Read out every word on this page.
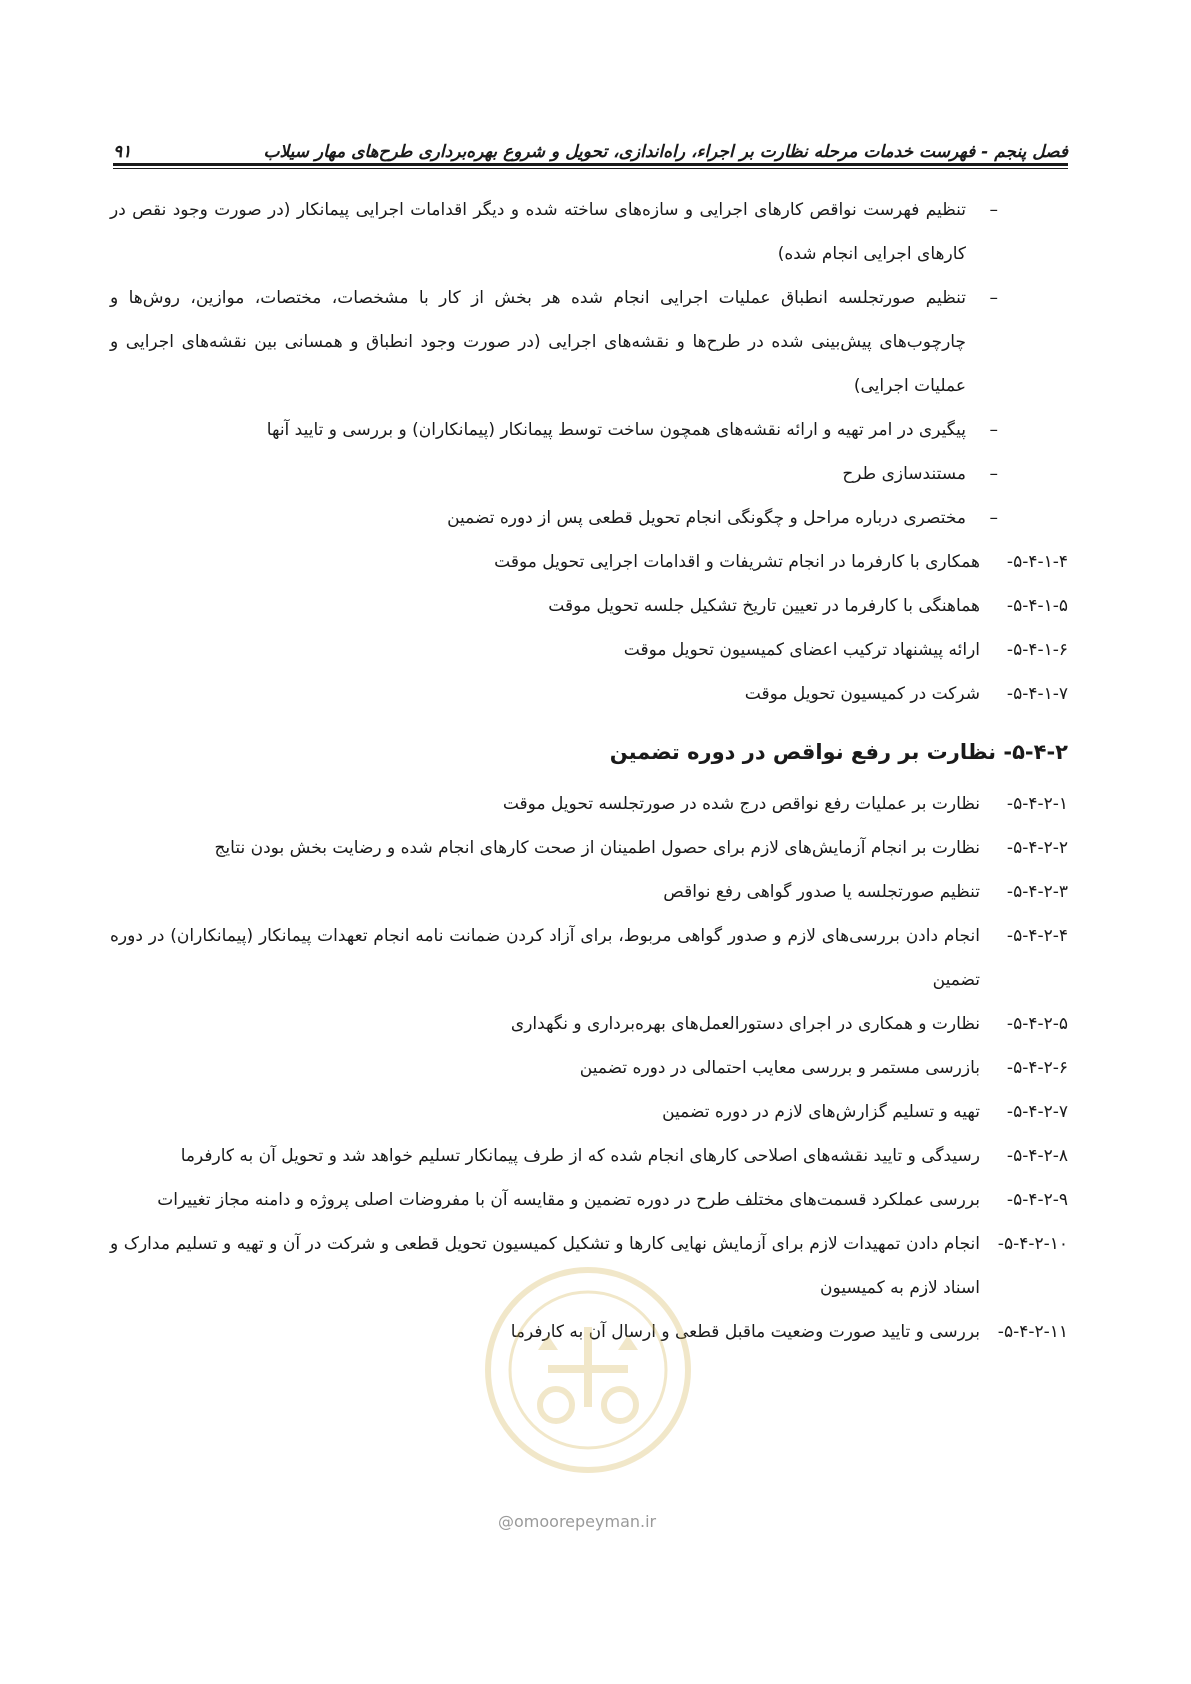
فصل پنجم - فهرست خدمات مرحله نظارت بر اجراء، راه‌اندازی، تحویل و شروع بهره‌برداری طرح‌های مهار سیلاب
۹۱
–
تنظیم فهرست نواقص کارهای اجرایی و سازه‌های ساخته شده و دیگر اقدامات اجرایی پیمانکار (در صورت وجود نقص در کارهای اجرایی انجام شده)
–
تنظیم صورتجلسه انطباق عملیات اجرایی انجام شده هر بخش از کار با مشخصات، مختصات، موازین، روش‌ها و چارچوب‌های پیش‌بینی شده در طرح‌ها و نقشه‌های اجرایی (در صورت وجود انطباق و همسانی بین نقشه‌های اجرایی و عملیات اجرایی)
–
پیگیری در امر تهیه و ارائه نقشه‌های همچون ساخت توسط پیمانکار (پیمانکاران) و بررسی و تایید آنها
–
مستندسازی طرح
–
مختصری درباره مراحل و چگونگی انجام تحویل قطعی پس از دوره تضمین
۵-۴-۱-۴-
همکاری با کارفرما در انجام تشریفات و اقدامات اجرایی تحویل موقت
۵-۴-۱-۵-
هماهنگی با کارفرما در تعیین تاریخ تشکیل جلسه تحویل موقت
۵-۴-۱-۶-
ارائه پیشنهاد ترکیب اعضای کمیسیون تحویل موقت
۵-۴-۱-۷-
شرکت در کمیسیون تحویل موقت
۵-۴-۲- نظارت بر رفع نواقص در دوره تضمین
۵-۴-۲-۱-
نظارت بر عملیات رفع نواقص درج شده در صورتجلسه تحویل موقت
۵-۴-۲-۲-
نظارت بر انجام آزمایش‌های لازم برای حصول اطمینان از صحت کارهای انجام شده و رضایت بخش بودن نتایج
۵-۴-۲-۳-
تنظیم صورتجلسه یا صدور گواهی رفع نواقص
۵-۴-۲-۴-
انجام دادن بررسی‌های لازم و صدور گواهی مربوط، برای آزاد کردن ضمانت نامه انجام تعهدات پیمانکار (پیمانکاران) در دوره تضمین
۵-۴-۲-۵-
نظارت و همکاری در اجرای دستورالعمل‌های بهره‌برداری و نگهداری
۵-۴-۲-۶-
بازرسی مستمر و بررسی معایب احتمالی در دوره تضمین
۵-۴-۲-۷-
تهیه و تسلیم گزارش‌های لازم در دوره تضمین
۵-۴-۲-۸-
رسیدگی و تایید نقشه‌های اصلاحی کارهای انجام شده که از طرف پیمانکار تسلیم خواهد شد و تحویل آن به کارفرما
۵-۴-۲-۹-
بررسی عملکرد قسمت‌های مختلف طرح در دوره تضمین و مقایسه آن با مفروضات اصلی پروژه و دامنه مجاز تغییرات
۵-۴-۲-۱۰-
انجام دادن تمهیدات لازم برای آزمایش نهایی کارها و تشکیل کمیسیون تحویل قطعی و شرکت در آن و تهیه و تسلیم مدارک و اسناد لازم به کمیسیون
۵-۴-۲-۱۱-
بررسی و تایید صورت وضعیت ماقبل قطعی و ارسال آن به کارفرما
@omoorepeyman.ir
